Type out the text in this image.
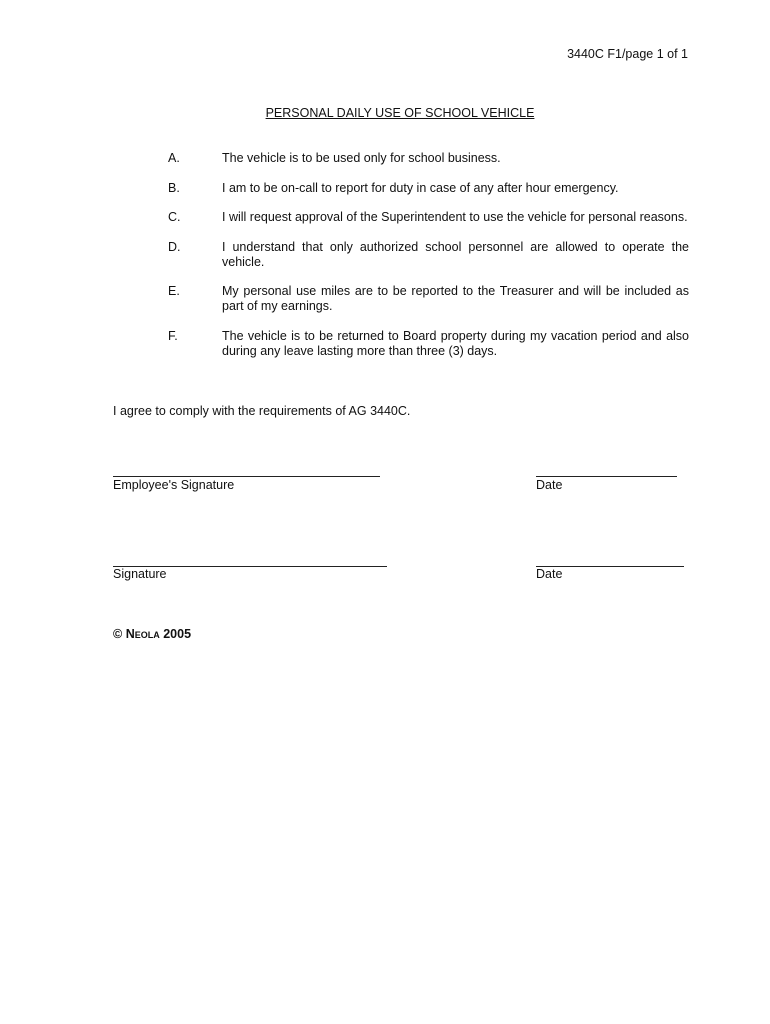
3440C F1/page 1 of 1
PERSONAL DAILY USE OF SCHOOL VEHICLE
A.	The vehicle is to be used only for school business.
B.	I am to be on-call to report for duty in case of any after hour emergency.
C.	I will request approval of the Superintendent to use the vehicle for personal reasons.
D.	I understand that only authorized school personnel are allowed to operate the vehicle.
E.	My personal use miles are to be reported to the Treasurer and will be included as part of my earnings.
F.	The vehicle is to be returned to Board property during my vacation period and also during any leave lasting more than three (3) days.
I agree to comply with the requirements of AG 3440C.
Employee's Signature	Date
Signature	Date
© Neola 2005
